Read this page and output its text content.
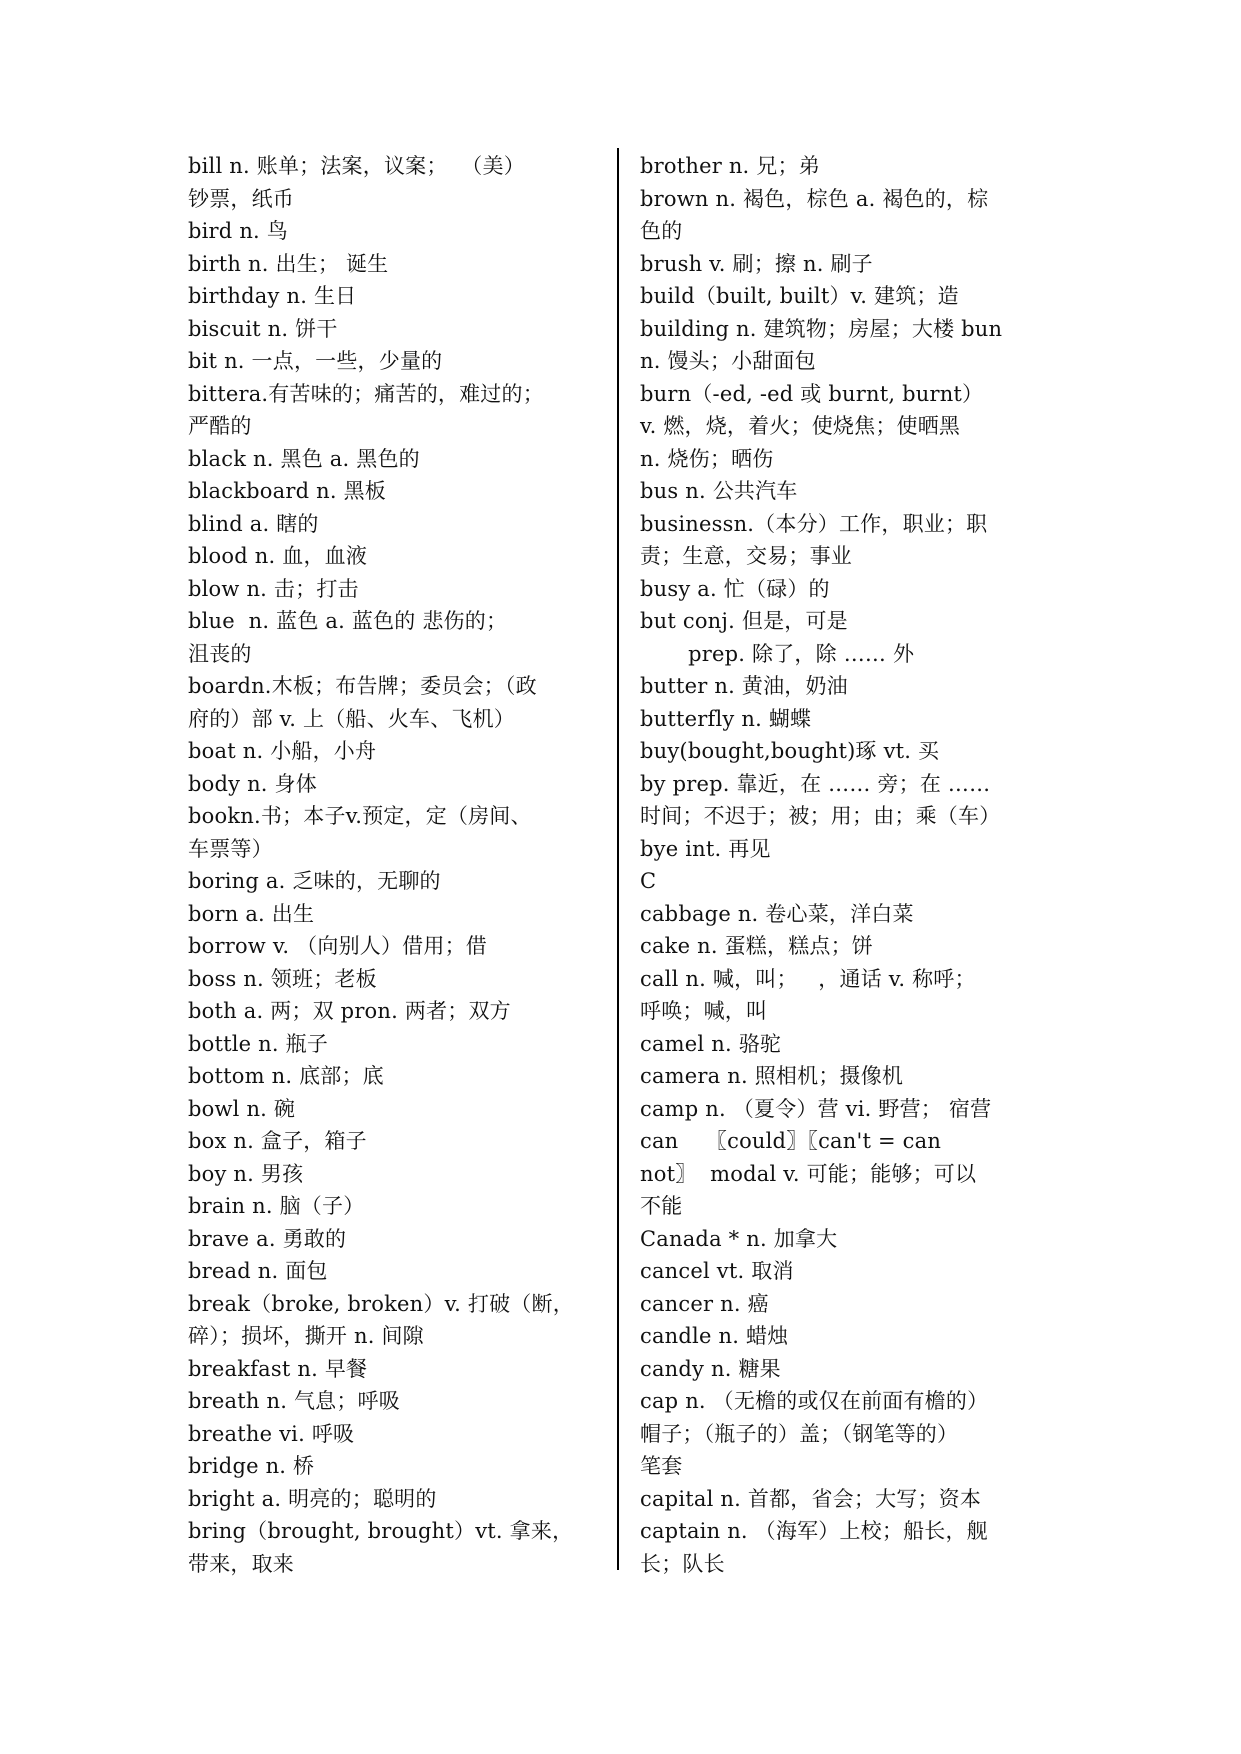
bill n. 账单；法案，议案；  （美）
钞票，纸币
bird n. 鸟
birth n. 出生； 诞生
birthday n. 生日
biscuit n. 饼干
bit n. 一点，一些，少量的
bittera.有苦味的；痛苦的，难过的；
严酷的
black n. 黑色 a. 黑色的
blackboard n. 黑板
blind a. 瞎的
blood n. 血，血液
blow n. 击；打击
blue  n. 蓝色 a. 蓝色的 悲伤的；
沮丧的
boardn.木板；布告牌；委员会；（政
府的）部 v. 上（船、火车、飞机）
boat n. 小船，小舟
body n. 身体
bookn.书；本子v.预定，定（房间、
车票等）
boring a. 乏味的，无聊的
born a. 出生
borrow v. （向别人）借用；借
boss n. 领班；老板
both a. 两；双 pron. 两者；双方
bottle n. 瓶子
bottom n. 底部；底
bowl n. 碗
box n. 盒子，箱子
boy n. 男孩
brain n. 脑（子）
brave a. 勇敢的
bread n. 面包
break（broke, broken）v. 打破（断，
碎）；损坏，撕开 n. 间隙
breakfast n. 早餐
breath n. 气息；呼吸
breathe vi. 呼吸
bridge n. 桥
bright a. 明亮的；聪明的
bring（brought, brought）vt. 拿来，
带来，取来
brother n. 兄；弟
brown n. 褐色，棕色 a. 褐色的，棕
色的
brush v. 刷；擦 n. 刷子
build（built, built）v. 建筑；造
building n. 建筑物；房屋；大楼 bun
n. 馒头；小甜面包
burn（-ed, -ed 或 burnt, burnt）
v. 燃，烧，着火；使烧焦；使晒黑
n. 烧伤；晒伤
bus n. 公共汽车
businessn.（本分）工作，职业；职
责；生意，交易；事业
busy a. 忙（碌）的
but conj. 但是，可是
prep. 除了，除 …… 外
butter n. 黄油，奶油
butterfly n. 蝴蝶
buy(bought,bought)琢 vt. 买
by prep. 靠近，在 …… 旁；在 ……
时间；不迟于；被；用；由；乘（车）
bye int. 再见
C
cabbage n. 卷心菜，洋白菜
cake n. 蛋糕，糕点；饼
call n. 喊，叫；   ，通话 v. 称呼；
呼唤；喊，叫
camel n. 骆驼
camera n. 照相机；摄像机
camp n. （夏令）营 vi. 野营； 宿营
can    〖could〗〖can't = can
not〗  modal v. 可能；能够；可以
不能
Canada * n. 加拿大
cancel vt. 取消
cancer n. 癌
candle n. 蜡烛
candy n. 糖果
cap n. （无檐的或仅在前面有檐的）
帽子；（瓶子的）盖；（钢笔等的）
笔套
capital n. 首都，省会；大写；资本
captain n. （海军）上校；船长，舰
长；队长
